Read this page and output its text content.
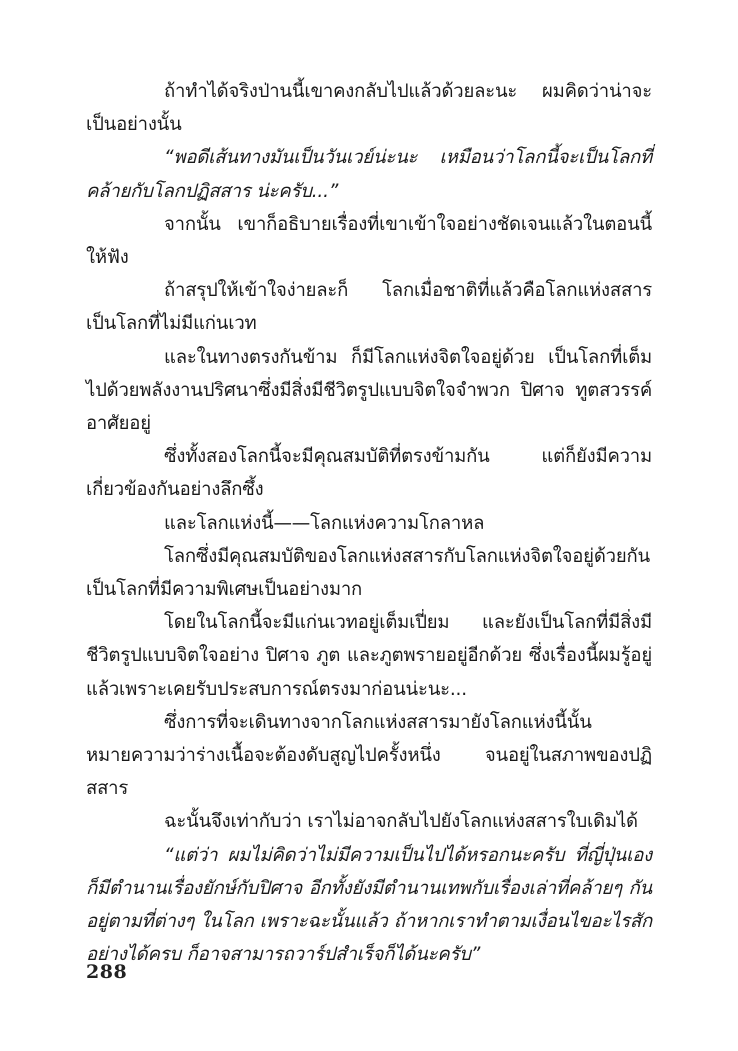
ถ้าทำได้จริงป่านนี้เขาคงกลับไปแล้วด้วยละนะ ผมคิดว่าน่าจะเป็นอย่างนั้น

“พอดีเส้นทางมันเป็นวันเวย์น่ะนะ เหมือนว่าโลกนี้จะเป็นโลกที่คล้ายกับโลกปฏิสสาร น่ะครับ...”

จากนั้น เขาก็อธิบายเรื่องที่เขาเข้าใจอย่างชัดเจนแล้วในตอนนี้ให้ฟัง

ถ้าสรุปให้เข้าใจง่ายละก็ โลกเมื่อชาติที่แล้วคือโลกแห่งสสารเป็นโลกที่ไม่มีแก่นเวท

และในทางตรงกันข้าม ก็มีโลกแห่งจิตใจอยู่ด้วย เป็นโลกที่เต็มไปด้วยพลังงานปริศนาซึ่งมีสิ่งมีชีวิตรูปแบบจิตใจจำพวก ปิศาจ ทูตสวรรค์อาศัยอยู่

ซึ่งทั้งสองโลกนี้จะมีคุณสมบัติที่ตรงข้ามกัน แต่ก็ยังมีความเกี่ยวข้องกันอย่างลึกซึ้ง

และโลกแห่งนี้——โลกแห่งความโกลาหล

โลกซึ่งมีคุณสมบัติของโลกแห่งสสารกับโลกแห่งจิตใจอยู่ด้วยกันเป็นโลกที่มีความพิเศษเป็นอย่างมาก

โดยในโลกนี้จะมีแก่นเวทอยู่เต็มเปี่ยม และยังเป็นโลกที่มีสิ่งมีชีวิตรูปแบบจิตใจอย่าง ปิศาจ ภูต และภูตพรายอยู่อีกด้วย ซึ่งเรื่องนี้ผมรู้อยู่แล้วเพราะเคยรับประสบการณ์ตรงมาก่อนน่ะนะ...

ซึ่งการที่จะเดินทางจากโลกแห่งสสารมายังโลกแห่งนี้นั้นหมายความว่าร่างเนื้อจะต้องดับสูญไปครั้งหนึ่ง จนอยู่ในสภาพของปฏิสสาร

ฉะนั้นจึงเท่ากับว่า เราไม่อาจกลับไปยังโลกแห่งสสารใบเดิมได้

“แต่ว่า ผมไม่คิดว่าไม่มีความเป็นไปได้หรอกนะครับ ที่ญี่ปุ่นเองก็มีตำนานเรื่องยักษ์กับปิศาจ อีกทั้งยังมีตำนานเทพกับเรื่องเล่าที่คล้ายๆ กันอยู่ตามที่ต่างๆ ในโลก เพราะฉะนั้นแล้ว ถ้าหากเราทำตามเงื่อนไขอะไรสักอย่างได้ครบ ก็อาจสามารถวาร์ปสำเร็จก็ได้นะครับ”

288
